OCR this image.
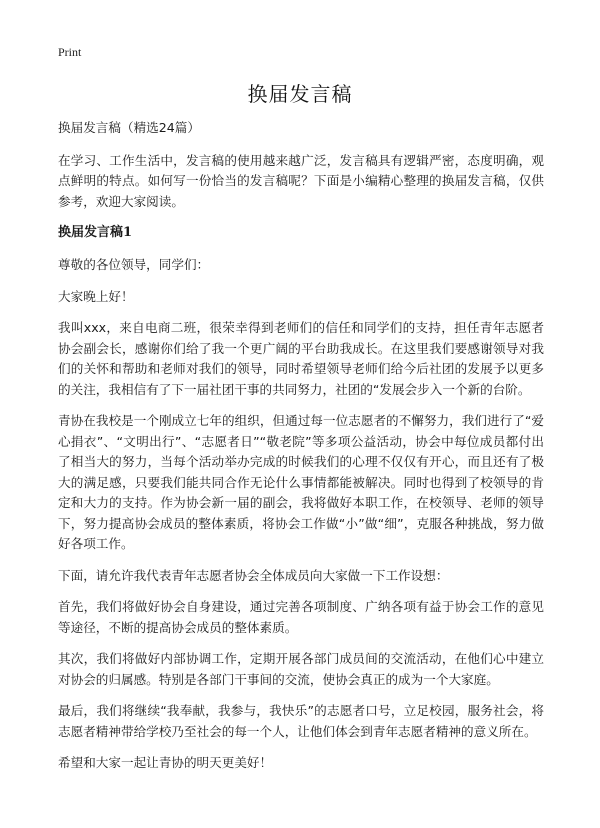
Print
换届发言稿

换届发言稿（精选24篇）

在学习、工作生活中，发言稿的使用越来越广泛，发言稿具有逻辑严密，态度明确，观点鲜明的特点。如何写一份恰当的发言稿呢？下面是小编精心整理的换届发言稿，仅供参考，欢迎大家阅读。

换届发言稿1

尊敬的各位领导，同学们：

大家晚上好！

我叫xxx，来自电商二班，很荣幸得到老师们的信任和同学们的支持，担任青年志愿者协会副会长，感谢你们给了我一个更广阔的平台助我成长。在这里我们要感谢领导对我们的关怀和帮助和老师对我们的领导，同时希望领导老师们给今后社团的发展予以更多的关注，我相信有了下一届社团干事的共同努力，社团的“发展会步入一个新的台阶。

青协在我校是一个刚成立七年的组织，但通过每一位志愿者的不懈努力，我们进行了“爱心捐衣”、“文明出行”、“志愿者日”“敬老院”等多项公益活动，协会中每位成员都付出了相当大的努力，当每个活动举办完成的时候我们的心理不仅仅有开心，而且还有了极大的满足感，只要我们能共同合作无论什么事情都能被解决。同时也得到了校领导的肯定和大力的支持。作为协会新一届的副会，我将做好本职工作，在校领导、老师的领导下，努力提高协会成员的整体素质，将协会工作做“小”做“细”，克服各种挑战，努力做好各项工作。

下面，请允许我代表青年志愿者协会全体成员向大家做一下工作设想：

首先，我们将做好协会自身建设，通过完善各项制度、广纳各项有益于协会工作的意见等途径，不断的提高协会成员的整体素质。

其次，我们将做好内部协调工作，定期开展各部门成员间的交流活动，在他们心中建立对协会的归属感。特别是各部门干事间的交流，使协会真正的成为一个大家庭。

最后，我们将继续“我奉献，我参与，我快乐”的志愿者口号，立足校园，服务社会，将志愿者精神带给学校乃至社会的每一个人，让他们体会到青年志愿者精神的意义所在。

希望和大家一起让青协的明天更美好！
